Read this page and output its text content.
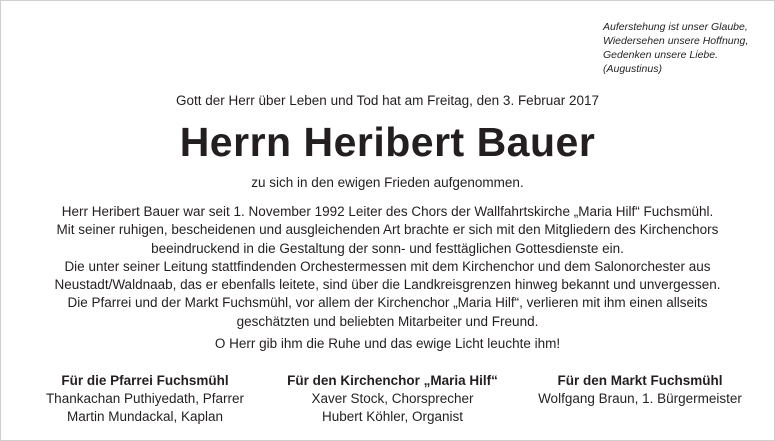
Auferstehung ist unser Glaube,
Wiedersehen unsere Hoffnung,
Gedenken unsere Liebe.
(Augustinus)
Gott der Herr über Leben und Tod hat am Freitag, den 3. Februar 2017
Herrn Heribert Bauer
zu sich in den ewigen Frieden aufgenommen.
Herr Heribert Bauer war seit 1. November 1992 Leiter des Chors der Wallfahrtskirche „Maria Hilf“ Fuchsmühl.
Mit seiner ruhigen, bescheidenen und ausgleichenden Art brachte er sich mit den Mitgliedern des Kirchenchors
beeindruckend in die Gestaltung der sonn- und festtäglichen Gottesdienste ein.
Die unter seiner Leitung stattfindenden Orchestermessen mit dem Kirchenchor und dem Salonorchester aus
Neustadt/Waldnaab, das er ebenfalls leitete, sind über die Landkreisgrenzen hinweg bekannt und unvergessen.
Die Pfarrei und der Markt Fuchsmühl, vor allem der Kirchenchor „Maria Hilf“, verlieren mit ihm einen allseits
geschätzten und beliebten Mitarbeiter und Freund.
O Herr gib ihm die Ruhe und das ewige Licht leuchte ihm!
Für die Pfarrei Fuchsmühl
Thankachan Puthiyedath, Pfarrer
Martin Mundackal, Kaplan
Für den Kirchenchor „Maria Hilf“
Xaver Stock, Chorsprecher
Hubert Köhler, Organist
Für den Markt Fuchsmühl
Wolfgang Braun, 1. Bürgermeister
